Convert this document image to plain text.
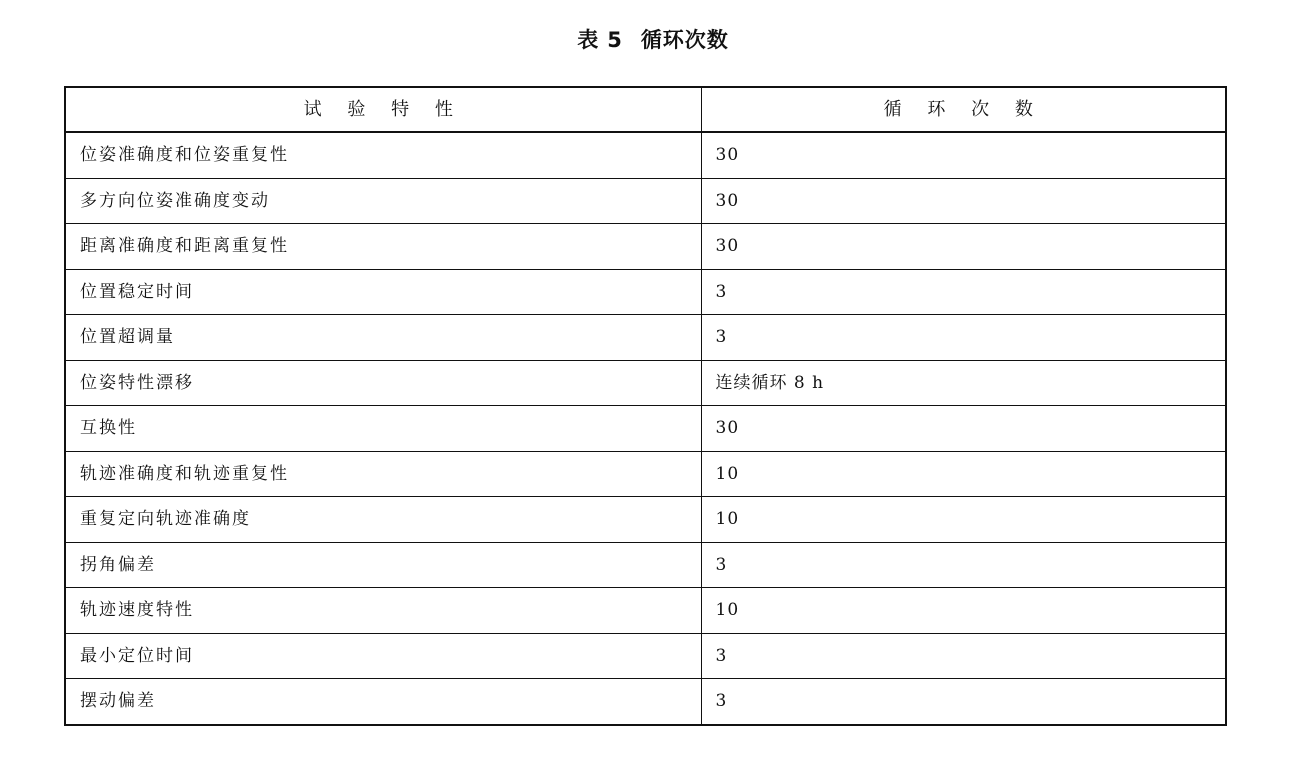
表 5 循环次数
试 验 特 性	循 环 次 数
位姿准确度和位姿重复性	30
多方向位姿准确度变动	30
距离准确度和距离重复性	30
位置稳定时间	3
位置超调量	3
位姿特性漂移	连续循环 8 h
互换性	30
轨迹准确度和轨迹重复性	10
重复定向轨迹准确度	10
拐角偏差	3
轨迹速度特性	10
最小定位时间	3
摆动偏差	3
